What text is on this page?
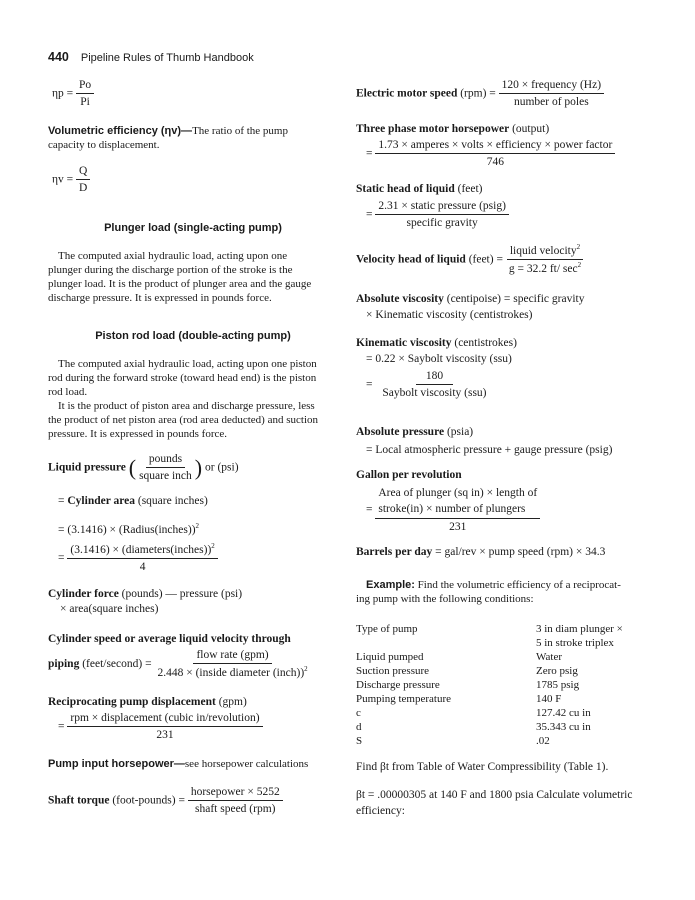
440 Pipeline Rules of Thumb Handbook
$\eta p = \frac{Po}{Pi}$
Volumetric efficiency (ηv)—The ratio of the pump
capacity to displacement.
$\eta v = \frac{Q}{D}$
Plunger load (single-acting pump)
The computed axial hydraulic load, acting upon one
plunger during the discharge portion of the stroke is the
plunger load. It is the product of plunger area and the gauge
discharge pressure. It is expressed in pounds force.
Piston rod load (double-acting pump)
The computed axial hydraulic load, acting upon one piston
rod during the forward stroke (toward head end) is the piston
rod load.
It is the product of piston area and discharge pressure, less
the product of net piston area (rod area deducted) and suction
pressure. It is expressed in pounds force.
Liquid pressure ( $\frac{\text{pounds}}{\text{square inch}}$ ) or (psi)
= Cylinder area (square inches)
= (3.1416) × (Radius(inches))$^2$
= $\frac{(3.1416) \times (diameters(inches))^2}{4}$
Cylinder force (pounds) — pressure (psi)
× area(square inches)
Cylinder speed or average liquid velocity through
piping (feet/second) = $\frac{\text{flow rate (gpm)}}{2.448 \times (inside diameter (inch))^2}$
Reciprocating pump displacement (gpm)
= $\frac{\text{rpm × displacement (cubic in/revolution)}}{231}$
Pump input horsepower—see horsepower calculations
Shaft torque (foot-pounds) = $\frac{\text{horsepower × 5252}}{\text{shaft speed (rpm)}}$
Electric motor speed $(rpm) = \frac{\text{120 × frequency (Hz)}}{\text{number of poles}}$
Three phase motor horsepower (output)
= $\frac{\text{1.73 × amperes × volts × efficiency × power factor}}{746}$
Static head of liquid (feet)
= $\frac{\text{2.31 × static pressure (psig)}}{\text{specific gravity}}$
Velocity head of liquid (feet) = $\frac{liquid velocity^2}{g = 32.2 ft/ \sec^2}$
Absolute viscosity (centipoise) = specific gravity
× Kinematic viscosity (centistrokes)
Kinematic viscosity (centistrokes)
= 0.22 × Saybolt viscosity (ssu)
= $\frac{180}{\text{Saybolt viscosity (ssu)}}$
Absolute pressure (psia)
= Local atmospheric pressure + gauge pressure (psig)
Gallon per revolution
=
Area of plunger (sq in) × length of
stroke(in) × number of plungers
231
Barrels per day = gal/rev × pump speed (rpm) × 34.3
Example: Find the volumetric efficiency of a reciprocat-
ing pump with the following conditions:
Type of pump	3 in diam plunger ×
	5 in stroke triplex
Liquid pumped	Water
Suction pressure	Zero psig
Discharge pressure	1785 psig
Pumping temperature	140 F
c	127.42 cu in
d	35.343 cu in
S	.02
Find βt from Table of Water Compressibility (Table 1).
βt = .00000305 at 140 F and 1800 psia Calculate volumetric
efficiency:
